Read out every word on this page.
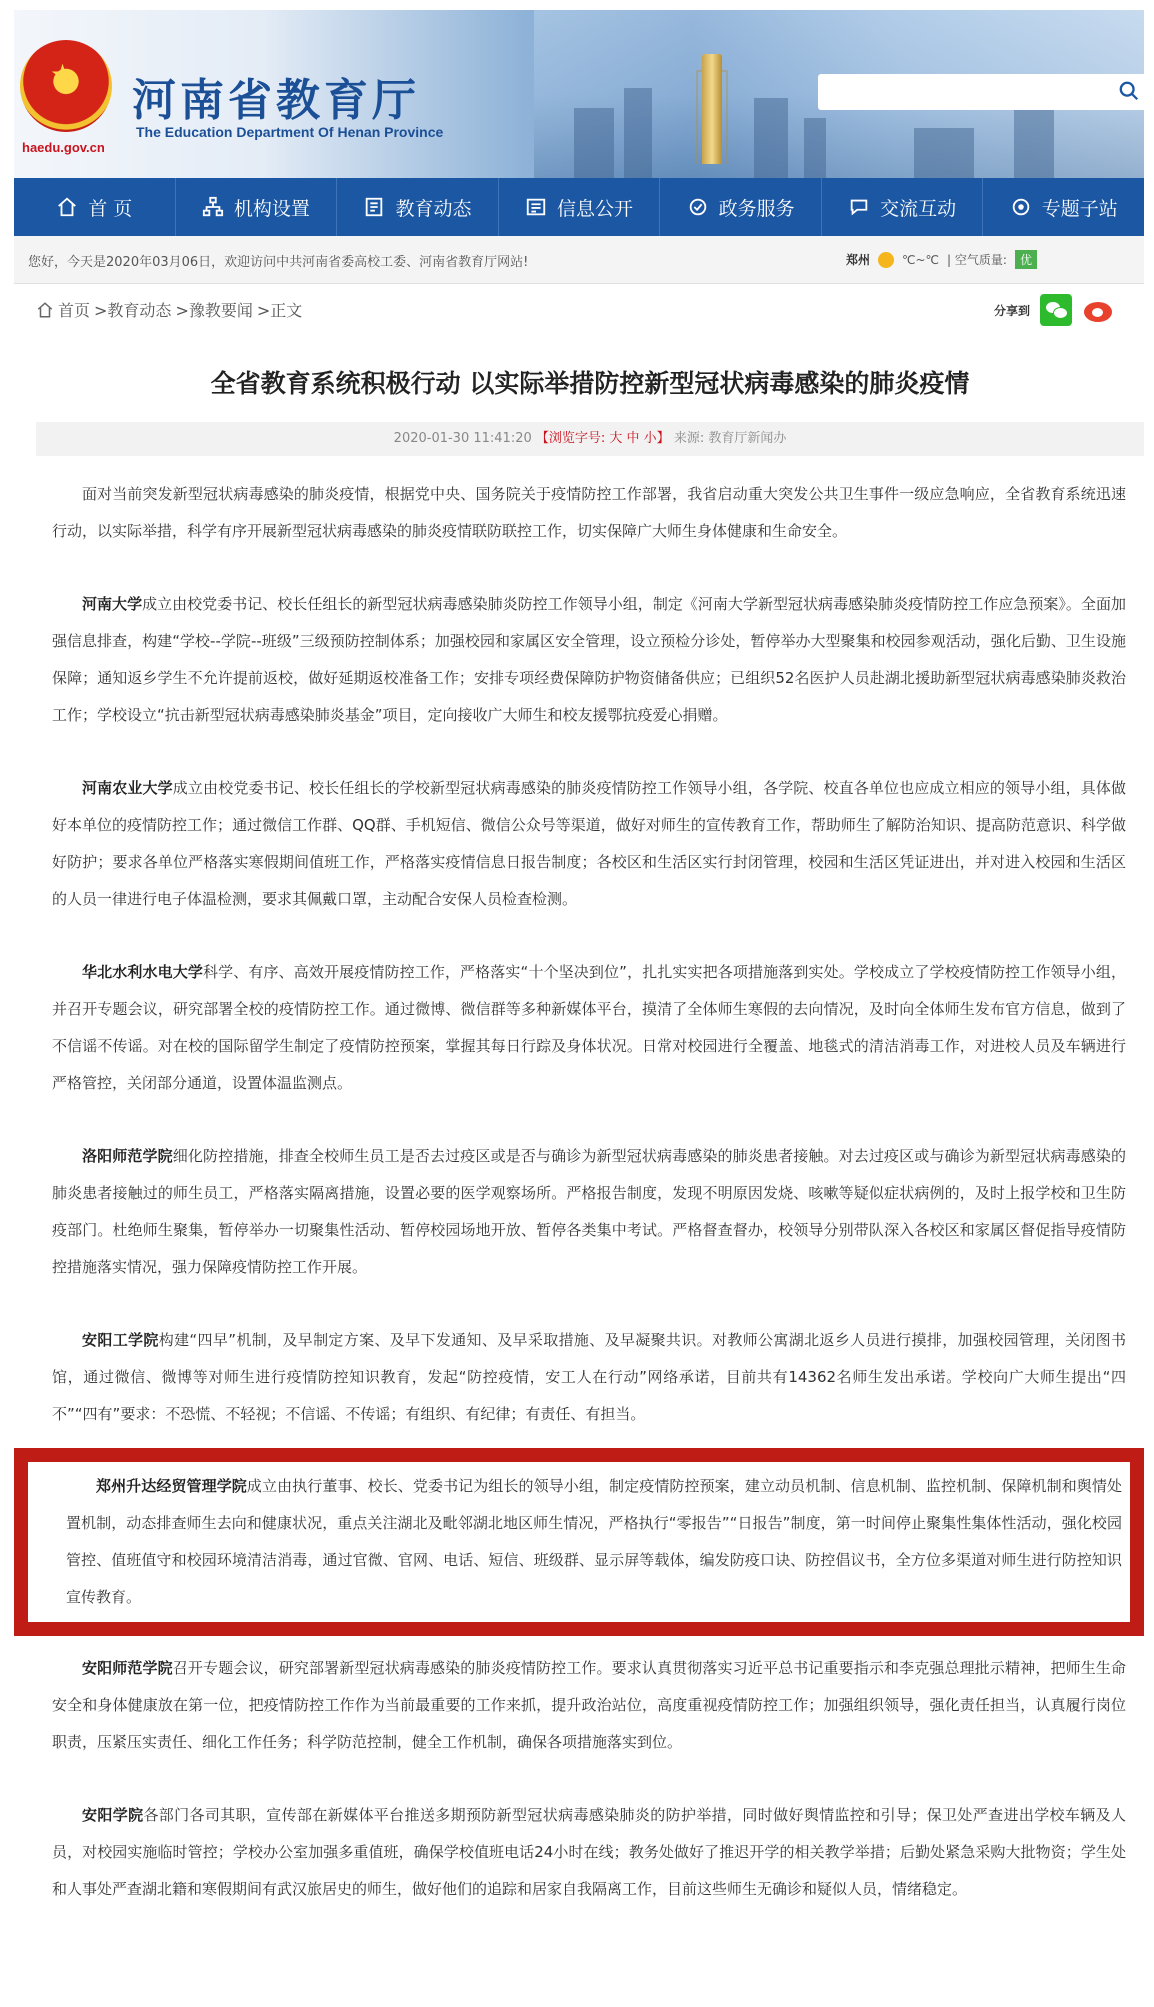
★
haedu.gov.cn
河南省教育厅
The Education Department Of Henan Province
首 页	机构设置	教育动态	信息公开	政务服务	交流互动	专题子站
您好，今天是2020年03月06日，欢迎访问中共河南省委高校工委、河南省教育厅网站!	郑州	℃~℃ | 空气质量:	优
首页 >教育动态 >豫教要闻 >正文	分享到
全省教育系统积极行动 以实际举措防控新型冠状病毒感染的肺炎疫情
2020-01-30 11:41:20 【浏览字号: 大 中 小】 来源: 教育厅新闻办

面对当前突发新型冠状病毒感染的肺炎疫情，根据党中央、国务院关于疫情防控工作部署，我省启动重大突发公共卫生事件一级应急响应，全省教育系统迅速行动，以实际举措，科学有序开展新型冠状病毒感染的肺炎疫情联防联控工作，切实保障广大师生身体健康和生命安全。

河南大学成立由校党委书记、校长任组长的新型冠状病毒感染肺炎防控工作领导小组，制定《河南大学新型冠状病毒感染肺炎疫情防控工作应急预案》。全面加强信息排查，构建“学校--学院--班级”三级预防控制体系；加强校园和家属区安全管理，设立预检分诊处，暂停举办大型聚集和校园参观活动，强化后勤、卫生设施保障；通知返乡学生不允许提前返校，做好延期返校准备工作；安排专项经费保障防护物资储备供应；已组织52名医护人员赴湖北援助新型冠状病毒感染肺炎救治工作；学校设立“抗击新型冠状病毒感染肺炎基金”项目，定向接收广大师生和校友援鄂抗疫爱心捐赠。

河南农业大学成立由校党委书记、校长任组长的学校新型冠状病毒感染的肺炎疫情防控工作领导小组，各学院、校直各单位也应成立相应的领导小组，具体做好本单位的疫情防控工作；通过微信工作群、QQ群、手机短信、微信公众号等渠道，做好对师生的宣传教育工作，帮助师生了解防治知识、提高防范意识、科学做好防护；要求各单位严格落实寒假期间值班工作，严格落实疫情信息日报告制度；各校区和生活区实行封闭管理，校园和生活区凭证进出，并对进入校园和生活区的人员一律进行电子体温检测，要求其佩戴口罩，主动配合安保人员检查检测。

华北水利水电大学科学、有序、高效开展疫情防控工作，严格落实“十个坚决到位”，扎扎实实把各项措施落到实处。学校成立了学校疫情防控工作领导小组，并召开专题会议，研究部署全校的疫情防控工作。通过微博、微信群等多种新媒体平台，摸清了全体师生寒假的去向情况，及时向全体师生发布官方信息，做到了不信谣不传谣。对在校的国际留学生制定了疫情防控预案，掌握其每日行踪及身体状况。日常对校园进行全覆盖、地毯式的清洁消毒工作，对进校人员及车辆进行严格管控，关闭部分通道，设置体温监测点。

洛阳师范学院细化防控措施，排查全校师生员工是否去过疫区或是否与确诊为新型冠状病毒感染的肺炎患者接触。对去过疫区或与确诊为新型冠状病毒感染的肺炎患者接触过的师生员工，严格落实隔离措施，设置必要的医学观察场所。严格报告制度，发现不明原因发烧、咳嗽等疑似症状病例的，及时上报学校和卫生防疫部门。杜绝师生聚集，暂停举办一切聚集性活动、暂停校园场地开放、暂停各类集中考试。严格督查督办，校领导分别带队深入各校区和家属区督促指导疫情防控措施落实情况，强力保障疫情防控工作开展。

安阳工学院构建“四早”机制，及早制定方案、及早下发通知、及早采取措施、及早凝聚共识。对教师公寓湖北返乡人员进行摸排，加强校园管理，关闭图书馆，通过微信、微博等对师生进行疫情防控知识教育，发起“防控疫情，安工人在行动”网络承诺，目前共有14362名师生发出承诺。学校向广大师生提出“四不”“四有”要求：不恐慌、不轻视；不信谣、不传谣；有组织、有纪律；有责任、有担当。

郑州升达经贸管理学院成立由执行董事、校长、党委书记为组长的领导小组，制定疫情防控预案，建立动员机制、信息机制、监控机制、保障机制和舆情处置机制，动态排查师生去向和健康状况，重点关注湖北及毗邻湖北地区师生情况，严格执行“零报告”“日报告”制度，第一时间停止聚集性集体性活动，强化校园管控、值班值守和校园环境清洁消毒，通过官微、官网、电话、短信、班级群、显示屏等载体，编发防疫口诀、防控倡议书，全方位多渠道对师生进行防控知识宣传教育。

安阳师范学院召开专题会议，研究部署新型冠状病毒感染的肺炎疫情防控工作。要求认真贯彻落实习近平总书记重要指示和李克强总理批示精神，把师生生命安全和身体健康放在第一位，把疫情防控工作作为当前最重要的工作来抓，提升政治站位，高度重视疫情防控工作；加强组织领导，强化责任担当，认真履行岗位职责，压紧压实责任、细化工作任务；科学防范控制，健全工作机制，确保各项措施落实到位。

安阳学院各部门各司其职，宣传部在新媒体平台推送多期预防新型冠状病毒感染肺炎的防护举措，同时做好舆情监控和引导；保卫处严查进出学校车辆及人员，对校园实施临时管控；学校办公室加强多重值班，确保学校值班电话24小时在线；教务处做好了推迟开学的相关教学举措；后勤处紧急采购大批物资；学生处和人事处严查湖北籍和寒假期间有武汉旅居史的师生，做好他们的追踪和居家自我隔离工作，目前这些师生无确诊和疑似人员，情绪稳定。
